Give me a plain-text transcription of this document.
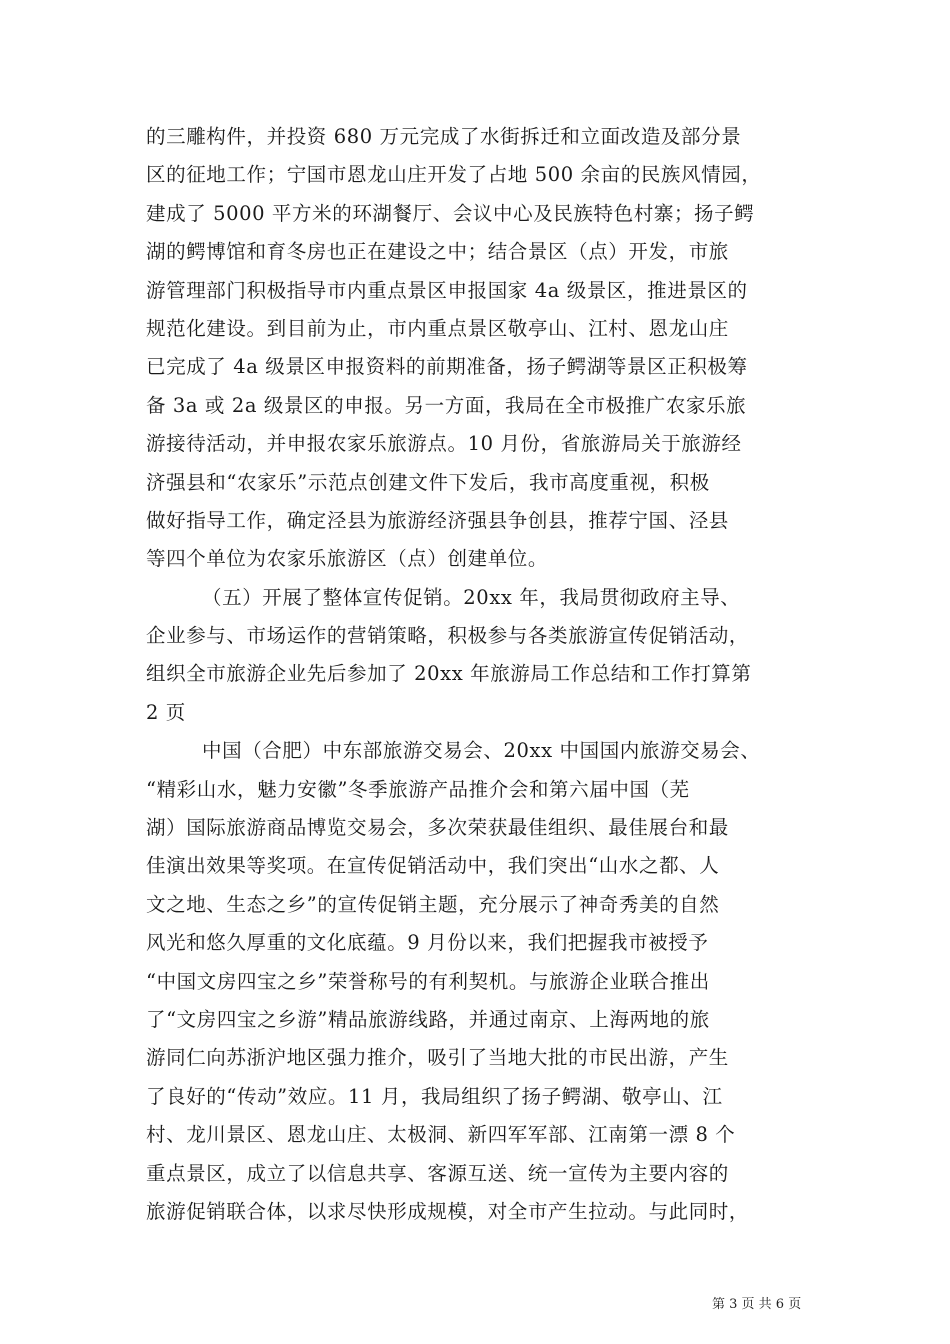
的三雕构件，并投资 680 万元完成了水街拆迁和立面改造及部分景
区的征地工作；宁国市恩龙山庄开发了占地 500 余亩的民族风情园，
建成了 5000 平方米的环湖餐厅、会议中心及民族特色村寨；扬子鳄
湖的鳄博馆和育冬房也正在建设之中；结合景区（点）开发，市旅
游管理部门积极指导市内重点景区申报国家 4a 级景区，推进景区的
规范化建设。到目前为止，市内重点景区敬亭山、江村、恩龙山庄
已完成了 4a 级景区申报资料的前期准备，扬子鳄湖等景区正积极筹
备 3a 或 2a 级景区的申报。另一方面，我局在全市极推广农家乐旅
游接待活动，并申报农家乐旅游点。10 月份，省旅游局关于旅游经
济强县和“农家乐”示范点创建文件下发后，我市高度重视，积极
做好指导工作，确定泾县为旅游经济强县争创县，推荐宁国、泾县
等四个单位为农家乐旅游区（点）创建单位。
（五）开展了整体宣传促销。20xx 年，我局贯彻政府主导、
企业参与、市场运作的营销策略，积极参与各类旅游宣传促销活动，
组织全市旅游企业先后参加了 20xx 年旅游局工作总结和工作打算第
2 页
中国（合肥）中东部旅游交易会、20xx 中国国内旅游交易会、
“精彩山水，魅力安徽”冬季旅游产品推介会和第六届中国（芜
湖）国际旅游商品博览交易会，多次荣获最佳组织、最佳展台和最
佳演出效果等奖项。在宣传促销活动中，我们突出“山水之都、人
文之地、生态之乡”的宣传促销主题，充分展示了神奇秀美的自然
风光和悠久厚重的文化底蕴。9 月份以来，我们把握我市被授予
“中国文房四宝之乡”荣誉称号的有利契机。与旅游企业联合推出
了“文房四宝之乡游”精品旅游线路，并通过南京、上海两地的旅
游同仁向苏浙沪地区强力推介，吸引了当地大批的市民出游，产生
了良好的“传动”效应。11 月，我局组织了扬子鳄湖、敬亭山、江
村、龙川景区、恩龙山庄、太极洞、新四军军部、江南第一漂 8 个
重点景区，成立了以信息共享、客源互送、统一宣传为主要内容的
旅游促销联合体，以求尽快形成规模，对全市产生拉动。与此同时，
第 3 页 共 6 页
